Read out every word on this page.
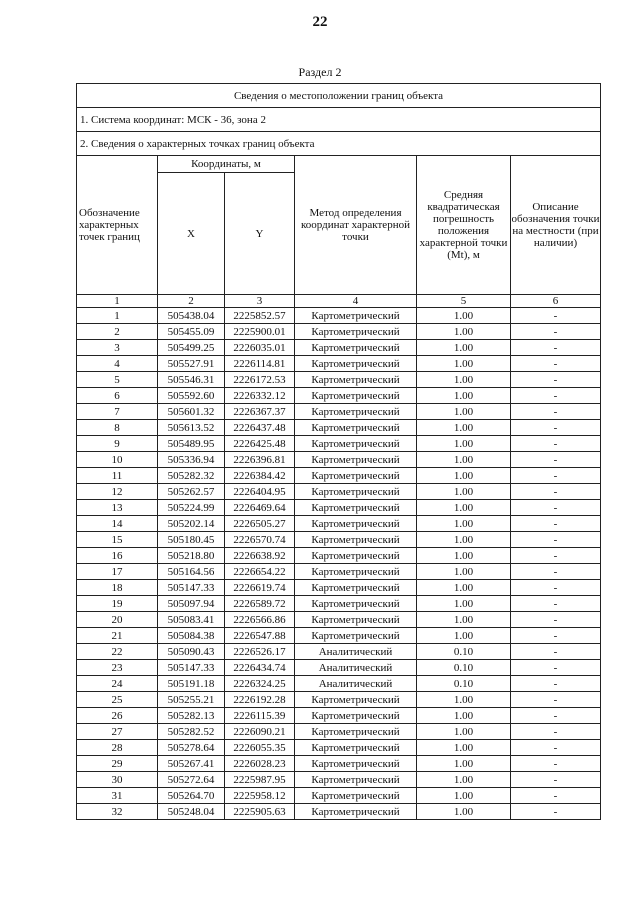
22
Раздел 2
Сведения о местоположении границ объекта					
1. Система координат: МСК - 36, зона 2					
2. Сведения о характерных точках границ объекта					
Обозначение характерных точек границ	Координаты, м		Метод определения координат характерной точки	Средняя квадратическая погрешность положения характерной точки (Mt), м	Описание обозначения точки на местности (при наличии)
	X	Y			
1	2	3	4	5	6
1	505438.04	2225852.57	Картометрический	1.00	-
2	505455.09	2225900.01	Картометрический	1.00	-
3	505499.25	2226035.01	Картометрический	1.00	-
4	505527.91	2226114.81	Картометрический	1.00	-
5	505546.31	2226172.53	Картометрический	1.00	-
6	505592.60	2226332.12	Картометрический	1.00	-
7	505601.32	2226367.37	Картометрический	1.00	-
8	505613.52	2226437.48	Картометрический	1.00	-
9	505489.95	2226425.48	Картометрический	1.00	-
10	505336.94	2226396.81	Картометрический	1.00	-
11	505282.32	2226384.42	Картометрический	1.00	-
12	505262.57	2226404.95	Картометрический	1.00	-
13	505224.99	2226469.64	Картометрический	1.00	-
14	505202.14	2226505.27	Картометрический	1.00	-
15	505180.45	2226570.74	Картометрический	1.00	-
16	505218.80	2226638.92	Картометрический	1.00	-
17	505164.56	2226654.22	Картометрический	1.00	-
18	505147.33	2226619.74	Картометрический	1.00	-
19	505097.94	2226589.72	Картометрический	1.00	-
20	505083.41	2226566.86	Картометрический	1.00	-
21	505084.38	2226547.88	Картометрический	1.00	-
22	505090.43	2226526.17	Аналитический	0.10	-
23	505147.33	2226434.74	Аналитический	0.10	-
24	505191.18	2226324.25	Аналитический	0.10	-
25	505255.21	2226192.28	Картометрический	1.00	-
26	505282.13	2226115.39	Картометрический	1.00	-
27	505282.52	2226090.21	Картометрический	1.00	-
28	505278.64	2226055.35	Картометрический	1.00	-
29	505267.41	2226028.23	Картометрический	1.00	-
30	505272.64	2225987.95	Картометрический	1.00	-
31	505264.70	2225958.12	Картометрический	1.00	-
32	505248.04	2225905.63	Картометрический	1.00	-
